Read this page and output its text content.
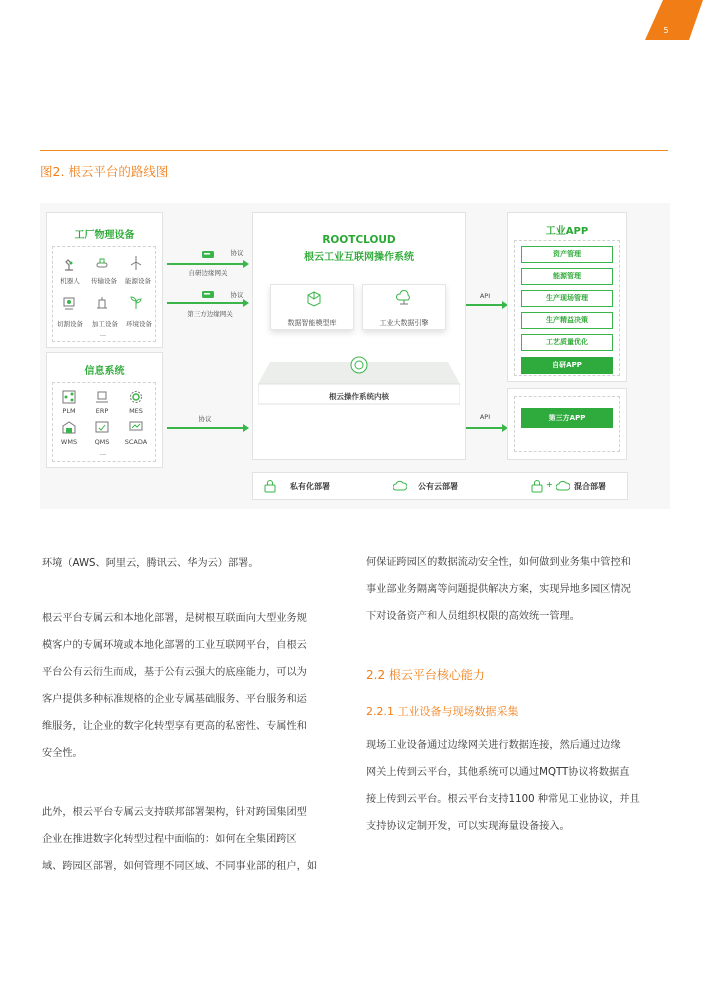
5
图2. 根云平台的路线图
工厂物理设备
机器人	传输设备	能源设备
切割设备	加工设备	环境设备
...
信息系统
PLM	ERP	MES
WMS	QMS	SCADA
...
协议
自研边缘网关
协议
第三方边缘网关
协议
ROOTCLOUD
根云工业互联网操作系统
数据智能模型库	工业大数据引擎
根云操作系统内核
API
API
工业APP
资产管理
能源管理
生产现场管理
生产精益决策
工艺质量优化
自研APP
第三方APP
私有化部署	公有云部署	+	混合部署
环境（AWS、阿里云，腾讯云、华为云）部署。
根云平台专属云和本地化部署，是树根互联面向大型业务规
模客户的专属环境或本地化部署的工业互联网平台，自根云
平台公有云衍生而成，基于公有云强大的底座能力，可以为
客户提供多种标准规格的企业专属基础服务、平台服务和运
维服务，让企业的数字化转型享有更高的私密性、专属性和
安全性。
此外，根云平台专属云支持联邦部署架构，针对跨国集团型
企业在推进数字化转型过程中面临的：如何在全集团跨区
域、跨园区部署，如何管理不同区域、不同事业部的租户，如
何保证跨园区的数据流动安全性，如何做到业务集中管控和
事业部业务隔离等问题提供解决方案，实现异地多园区情况
下对设备资产和人员组织权限的高效统一管理。
2.2 根云平台核心能力
2.2.1 工业设备与现场数据采集
现场工业设备通过边缘网关进行数据连接，然后通过边缘
网关上传到云平台，其他系统可以通过MQTT协议将数据直
接上传到云平台。根云平台支持1100 种常见工业协议，并且
支持协议定制开发，可以实现海量设备接入。
